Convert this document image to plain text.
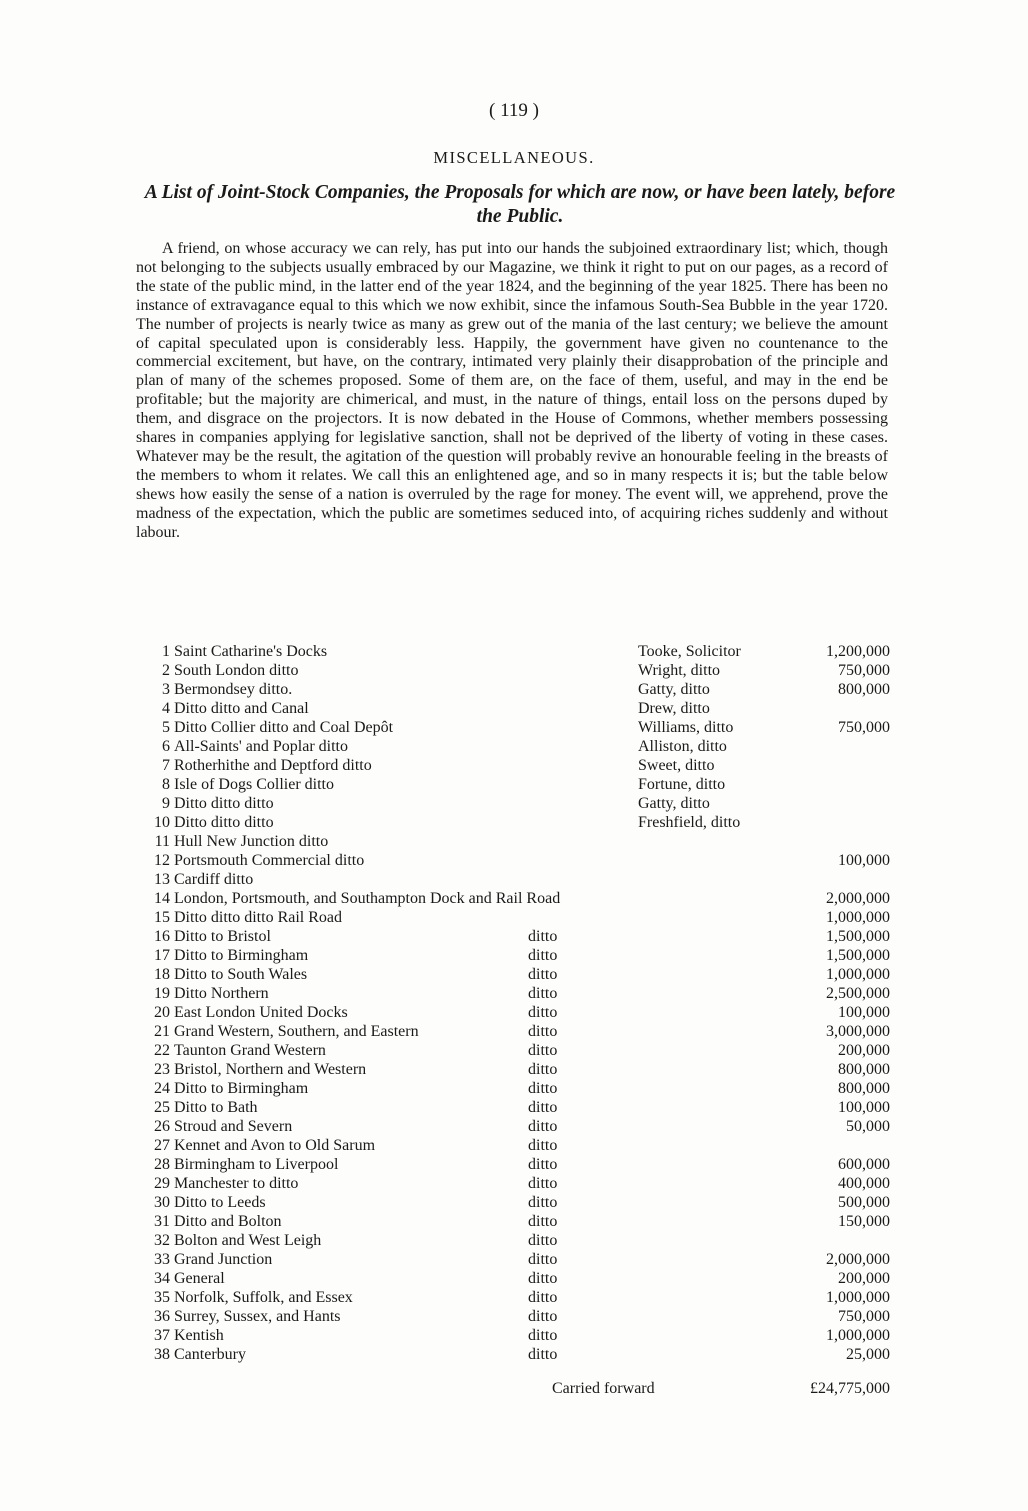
( 119 )
MISCELLANEOUS.
A List of Joint-Stock Companies, the Proposals for which are now, or have been lately, before the Public.

A friend, on whose accuracy we can rely, has put into our hands the subjoined extraordinary list; which, though not belonging to the subjects usually embraced by our Magazine, we think it right to put on our pages, as a record of the state of the public mind, in the latter end of the year 1824, and the beginning of the year 1825. There has been no instance of extravagance equal to this which we now exhibit, since the infamous South-Sea Bubble in the year 1720. The number of projects is nearly twice as many as grew out of the mania of the last century; we believe the amount of capital speculated upon is considerably less. Happily, the government have given no countenance to the commercial excitement, but have, on the contrary, intimated very plainly their disapprobation of the principle and plan of many of the schemes proposed. Some of them are, on the face of them, useful, and may in the end be profitable; but the majority are chimerical, and must, in the nature of things, entail loss on the persons duped by them, and disgrace on the projectors. It is now debated in the House of Commons, whether members possessing shares in companies applying for legislative sanction, shall not be deprived of the liberty of voting in these cases. Whatever may be the result, the agitation of the question will probably revive an honourable feeling in the breasts of the members to whom it relates. We call this an enlightened age, and so in many respects it is; but the table below shews how easily the sense of a nation is overruled by the rage for money. The event will, we apprehend, prove the madness of the expectation, which the public are sometimes seduced into, of acquiring riches suddenly and without labour.

1 Saint Catharine's Docks	Tooke, Solicitor	1,200,000
2 South London ditto	Wright, ditto	750,000
3 Bermondsey ditto.	Gatty, ditto	800,000
4 Ditto ditto and Canal	Drew, ditto
5 Ditto Collier ditto and Coal Depôt	Williams, ditto	750,000
6 All-Saints' and Poplar ditto	Alliston, ditto
7 Rotherhithe and Deptford ditto	Sweet, ditto
8 Isle of Dogs Collier ditto	Fortune, ditto
9 Ditto ditto ditto	Gatty, ditto
10 Ditto ditto ditto	Freshfield, ditto
11 Hull New Junction ditto
12 Portsmouth Commercial ditto	100,000
13 Cardiff ditto
14 London, Portsmouth, and Southampton Dock and Rail Road	2,000,000
15 Ditto ditto ditto Rail Road	1,000,000
16 Ditto to Bristol	ditto	1,500,000
17 Ditto to Birmingham	ditto	1,500,000
18 Ditto to South Wales	ditto	1,000,000
19 Ditto Northern	ditto	2,500,000
20 East London United Docks	ditto	100,000
21 Grand Western, Southern, and Eastern	ditto	3,000,000
22 Taunton Grand Western	ditto	200,000
23 Bristol, Northern and Western	ditto	800,000
24 Ditto to Birmingham	ditto	800,000
25 Ditto to Bath	ditto	100,000
26 Stroud and Severn	ditto	50,000
27 Kennet and Avon to Old Sarum	ditto
28 Birmingham to Liverpool	ditto	600,000
29 Manchester to ditto	ditto	400,000
30 Ditto to Leeds	ditto	500,000
31 Ditto and Bolton	ditto	150,000
32 Bolton and West Leigh	ditto
33 Grand Junction	ditto	2,000,000
34 General	ditto	200,000
35 Norfolk, Suffolk, and Essex	ditto	1,000,000
36 Surrey, Sussex, and Hants	ditto	750,000
37 Kentish	ditto	1,000,000
38 Canterbury	ditto	25,000
Carried forward	£24,775,000
